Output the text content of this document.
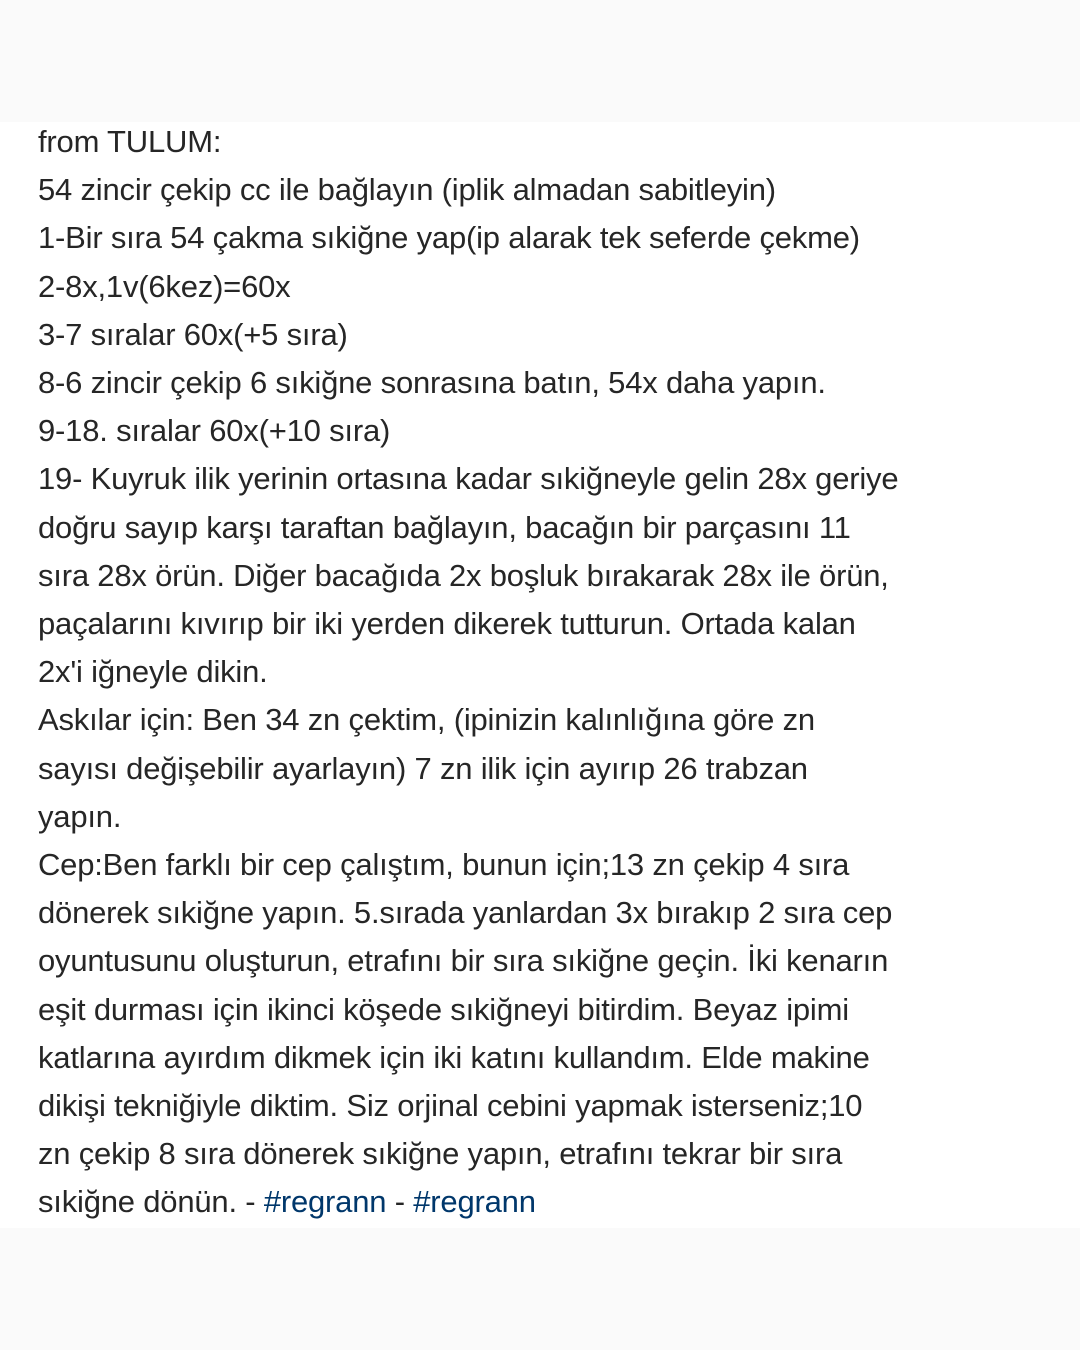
from TULUM:
54 zincir çekip cc ile bağlayın (iplik almadan sabitleyin)
1-Bir sıra 54 çakma sıkiğne yap(ip alarak tek seferde çekme)
2-8x,1v(6kez)=60x
3-7 sıralar 60x(+5 sıra)
8-6 zincir çekip 6 sıkiğne sonrasına batın, 54x daha yapın.
9-18. sıralar 60x(+10 sıra)
19- Kuyruk ilik yerinin ortasına kadar sıkiğneyle gelin 28x geriye
doğru sayıp karşı taraftan bağlayın, bacağın bir parçasını 11
sıra 28x örün. Diğer bacağıda 2x boşluk bırakarak 28x ile örün,
paçalarını kıvırıp bir iki yerden dikerek tutturun. Ortada kalan
2x'i iğneyle dikin.
Askılar için: Ben 34 zn çektim, (ipinizin kalınlığına göre zn
sayısı değişebilir ayarlayın) 7 zn ilik için ayırıp 26 trabzan
yapın.
Cep:Ben farklı bir cep çalıştım, bunun için;13 zn çekip 4 sıra
dönerek sıkiğne yapın. 5.sırada yanlardan 3x bırakıp 2 sıra cep
oyuntusunu oluşturun, etrafını bir sıra sıkiğne geçin. İki kenarın
eşit durması için ikinci köşede sıkiğneyi bitirdim. Beyaz ipimi
katlarına ayırdım dikmek için iki katını kullandım. Elde makine
dikişi tekniğiyle diktim. Siz orjinal cebini yapmak isterseniz;10
zn çekip 8 sıra dönerek sıkiğne yapın, etrafını tekrar bir sıra
sıkiğne dönün. - #regrann - #regrann
